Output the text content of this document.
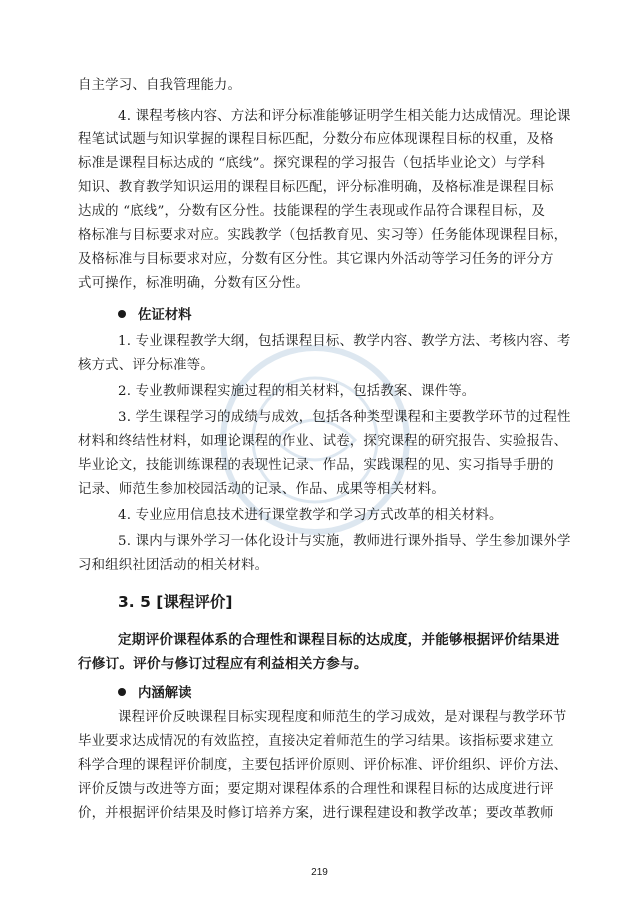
自主学习、自我管理能力。
4. 课程考核内容、方法和评分标准能够证明学生相关能力达成情况。理论课
程笔试试题与知识掌握的课程目标匹配，分数分布应体现课程目标的权重，及格
标准是课程目标达成的 “底线”。探究课程的学习报告（包括毕业论文）与学科
知识、教育教学知识运用的课程目标匹配，评分标准明确，及格标准是课程目标
达成的 “底线”，分数有区分性。技能课程的学生表现或作品符合课程目标，及
格标准与目标要求对应。实践教学（包括教育见、实习等）任务能体现课程目标，
及格标准与目标要求对应，分数有区分性。其它课内外活动等学习任务的评分方
式可操作，标准明确，分数有区分性。
佐证材料
1. 专业课程教学大纲，包括课程目标、教学内容、教学方法、考核内容、考
核方式、评分标准等。
2. 专业教师课程实施过程的相关材料，包括教案、课件等。
3. 学生课程学习的成绩与成效，包括各种类型课程和主要教学环节的过程性
材料和终结性材料，如理论课程的作业、试卷，探究课程的研究报告、实验报告、
毕业论文，技能训练课程的表现性记录、作品，实践课程的见、实习指导手册的
记录、师范生参加校园活动的记录、作品、成果等相关材料。
4. 专业应用信息技术进行课堂教学和学习方式改革的相关材料。
5. 课内与课外学习一体化设计与实施，教师进行课外指导、学生参加课外学
习和组织社团活动的相关材料。
3. 5 [课程评价]
定期评价课程体系的合理性和课程目标的达成度，并能够根据评价结果进
行修订。评价与修订过程应有利益相关方参与。
内涵解读
课程评价反映课程目标实现程度和师范生的学习成效，是对课程与教学环节
毕业要求达成情况的有效监控，直接决定着师范生的学习结果。该指标要求建立
科学合理的课程评价制度，主要包括评价原则、评价标准、评价组织、评价方法、
评价反馈与改进等方面；要定期对课程体系的合理性和课程目标的达成度进行评
价，并根据评价结果及时修订培养方案，进行课程建设和教学改革；要改革教师
219
